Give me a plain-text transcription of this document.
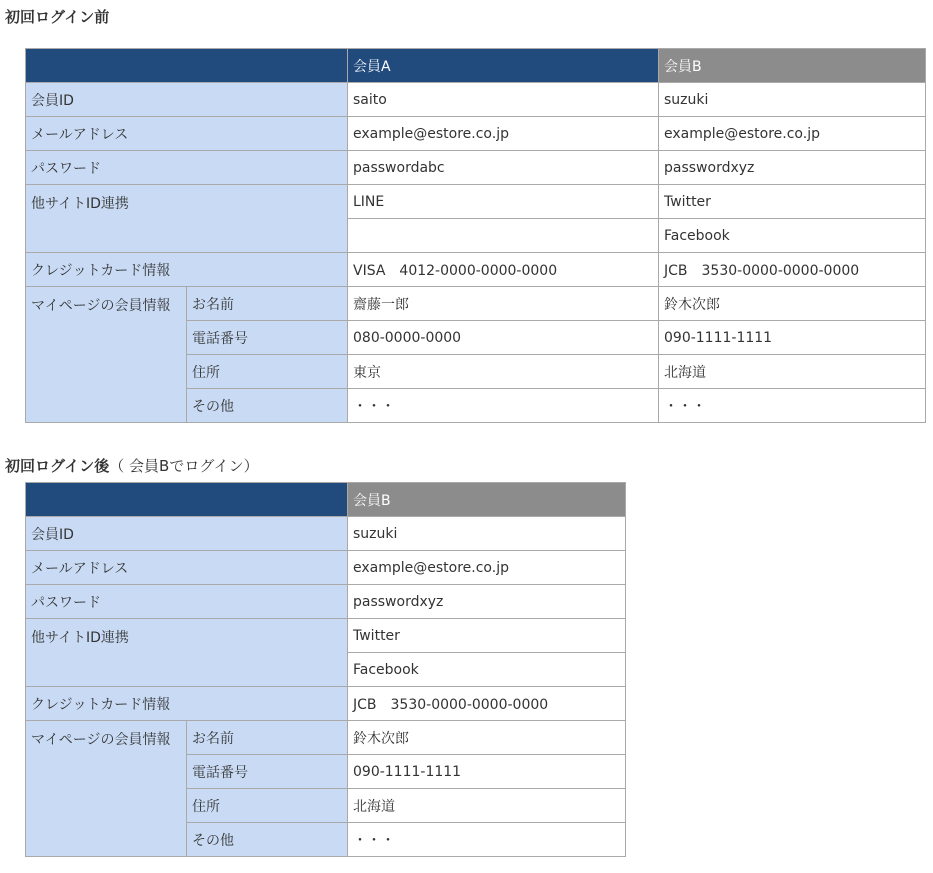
初回ログイン前
		会員A	会員B
会員ID		saito	suzuki
メールアドレス		example@estore.co.jp	example@estore.co.jp
パスワード		passwordabc	passwordxyz
他サイトID連携		LINE	Twitter
			Facebook
クレジットカード情報		VISA　4012-0000-0000-0000	JCB　3530-0000-0000-0000
マイページの会員情報	お名前	齋藤一郎	鈴木次郎
	電話番号	080-0000-0000	090-1111-1111
	住所	東京	北海道
	その他	・・・	・・・
初回ログイン後（ 会員Bでログイン）
		会員B
会員ID		suzuki
メールアドレス		example@estore.co.jp
パスワード		passwordxyz
他サイトID連携		Twitter
		Facebook
クレジットカード情報		JCB　3530-0000-0000-0000
マイページの会員情報	お名前	鈴木次郎
	電話番号	090-1111-1111
	住所	北海道
	その他	・・・
